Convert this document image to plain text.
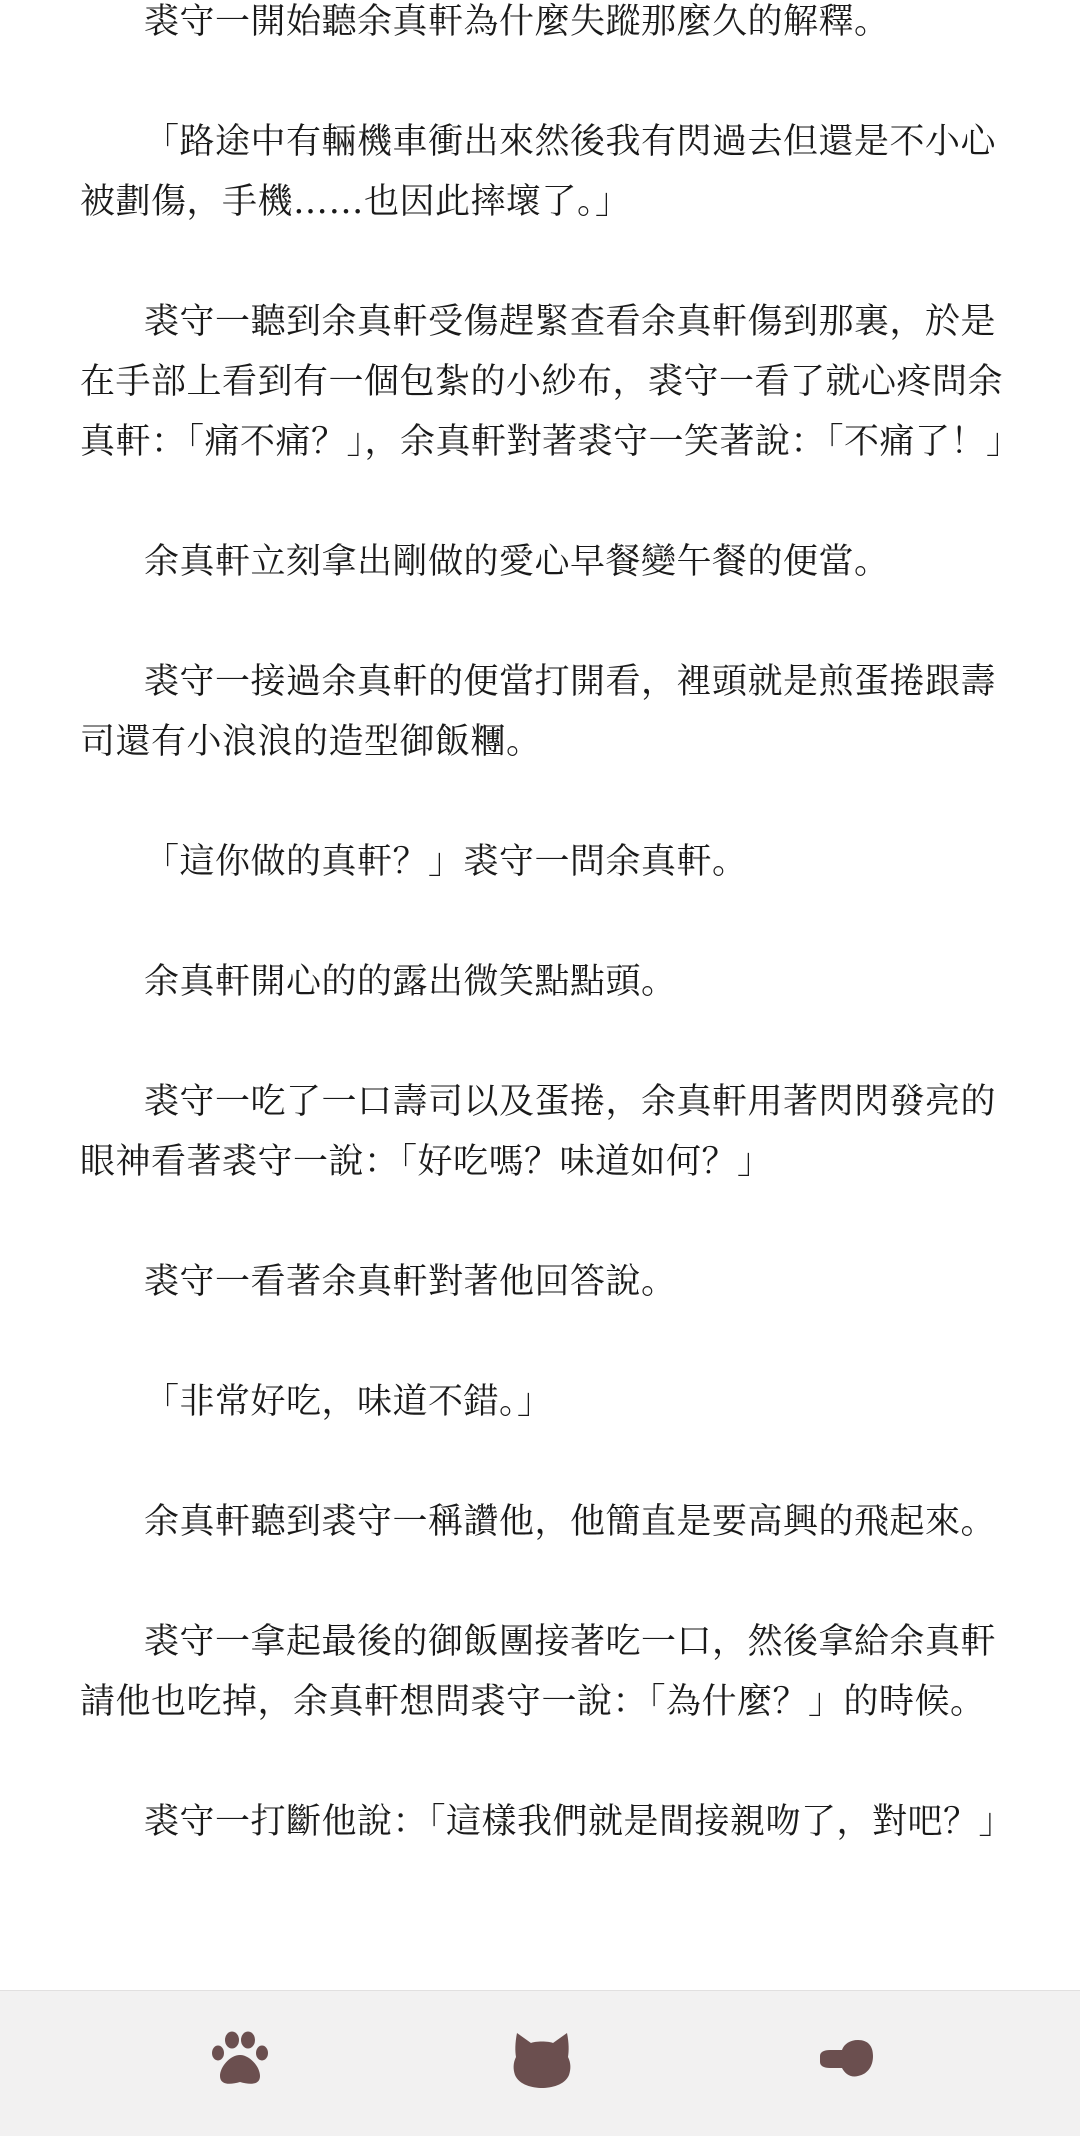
裘守一開始聽余真軒為什麼失蹤那麼久的解釋。

「路途中有輛機車衝出來然後我有閃過去但還是不小心被劃傷，手機……也因此摔壞了。」

裘守一聽到余真軒受傷趕緊查看余真軒傷到那裏，於是在手部上看到有一個包紮的小紗布，裘守一看了就心疼問余真軒：「痛不痛？」，余真軒對著裘守一笑著說：「不痛了！」

余真軒立刻拿出剛做的愛心早餐變午餐的便當。

裘守一接過余真軒的便當打開看，裡頭就是煎蛋捲跟壽司還有小浪浪的造型御飯糰。

「這你做的真軒？」裘守一問余真軒。

余真軒開心的的露出微笑點點頭。

裘守一吃了一口壽司以及蛋捲，余真軒用著閃閃發亮的眼神看著裘守一說：「好吃嗎？味道如何？」

裘守一看著余真軒對著他回答說。

「非常好吃，味道不錯。」

余真軒聽到裘守一稱讚他，他簡直是要高興的飛起來。

裘守一拿起最後的御飯團接著吃一口，然後拿給余真軒請他也吃掉，余真軒想問裘守一說：「為什麼？」的時候。

裘守一打斷他說：「這樣我們就是間接親吻了，對吧？」
